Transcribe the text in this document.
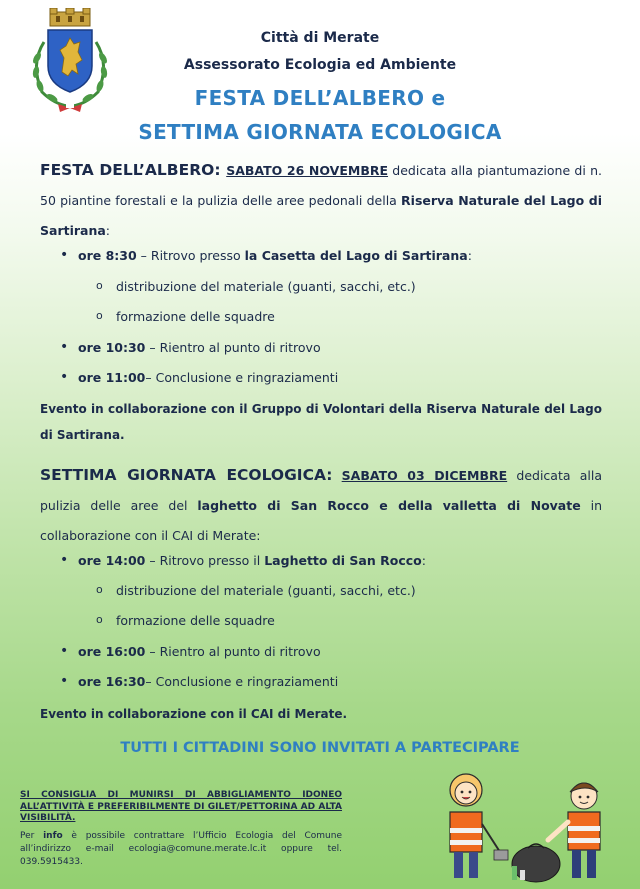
Città di Merate
Assessorato Ecologia ed Ambiente
FESTA DELL’ALBERO e
SETTIMA GIORNATA ECOLOGICA
FESTA DELL’ALBERO: SABATO 26 NOVEMBRE dedicata alla piantumazione di n. 50 piantine forestali e la pulizia delle aree pedonali della Riserva Naturale del Lago di Sartirana:
• ore 8:30 – Ritrovo presso la Casetta del Lago di Sartirana:
o distribuzione del materiale (guanti, sacchi, etc.)
o formazione delle squadre
• ore 10:30 – Rientro al punto di ritrovo
• ore 11:00– Conclusione e ringraziamenti
Evento in collaborazione con il Gruppo di Volontari della Riserva Naturale del Lago di Sartirana.
SETTIMA GIORNATA ECOLOGICA: SABATO 03 DICEMBRE dedicata alla pulizia delle aree del laghetto di San Rocco e della valletta di Novate in collaborazione con il CAI di Merate:
• ore 14:00 – Ritrovo presso il Laghetto di San Rocco:
o distribuzione del materiale (guanti, sacchi, etc.)
o formazione delle squadre
• ore 16:00 – Rientro al punto di ritrovo
• ore 16:30– Conclusione e ringraziamenti
Evento in collaborazione con il CAI di Merate.
TUTTI I CITTADINI SONO INVITATI A PARTECIPARE
SI CONSIGLIA DI MUNIRSI DI ABBIGLIAMENTO IDONEO ALL’ATTIVITÀ E PREFERIBILMENTE DI GILET/PETTORINA AD ALTA VISIBILITÀ.
Per info è possibile contrattare l’Ufficio Ecologia del Comune all’indirizzo e-mail ecologia@comune.merate.lc.it oppure tel. 039.5915433.
